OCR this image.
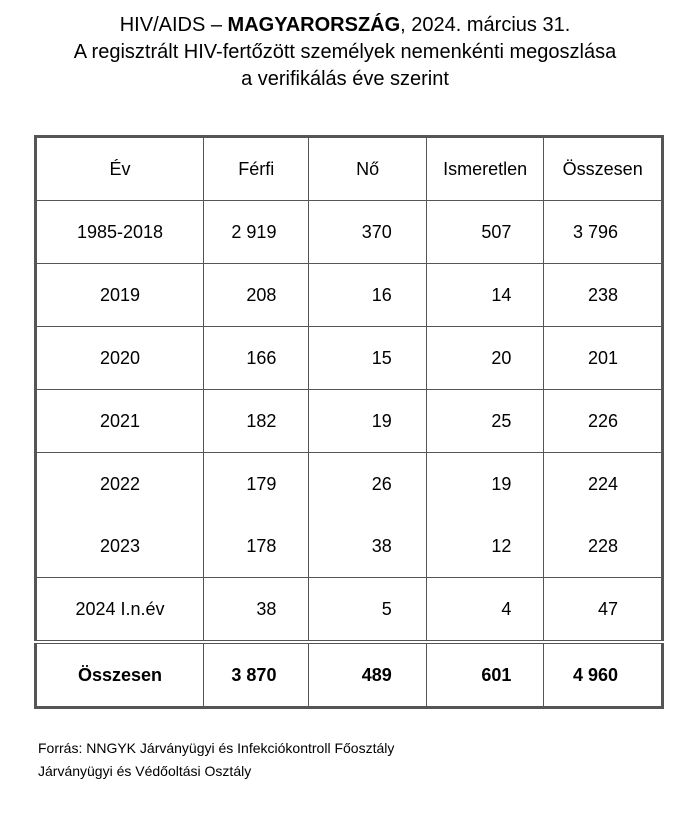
HIV/AIDS – MAGYARORSZÁG, 2024. március 31.
A regisztrált HIV-fertőzött személyek nemenkénti megoszlása
a verifikálás éve szerint
Év	Férfi	Nő	Ismeretlen	Összesen
1985-2018	2 919	370	507	3 796
2019	208	16	14	238
2020	166	15	20	201
2021	182	19	25	226
2022	179	26	19	224
2023	178	38	12	228
2024 I.n.év	38	5	4	47
Összesen	3 870	489	601	4 960
Forrás: NNGYK Járványügyi és Infekciókontroll Főosztály
Járványügyi és Védőoltási Osztály
